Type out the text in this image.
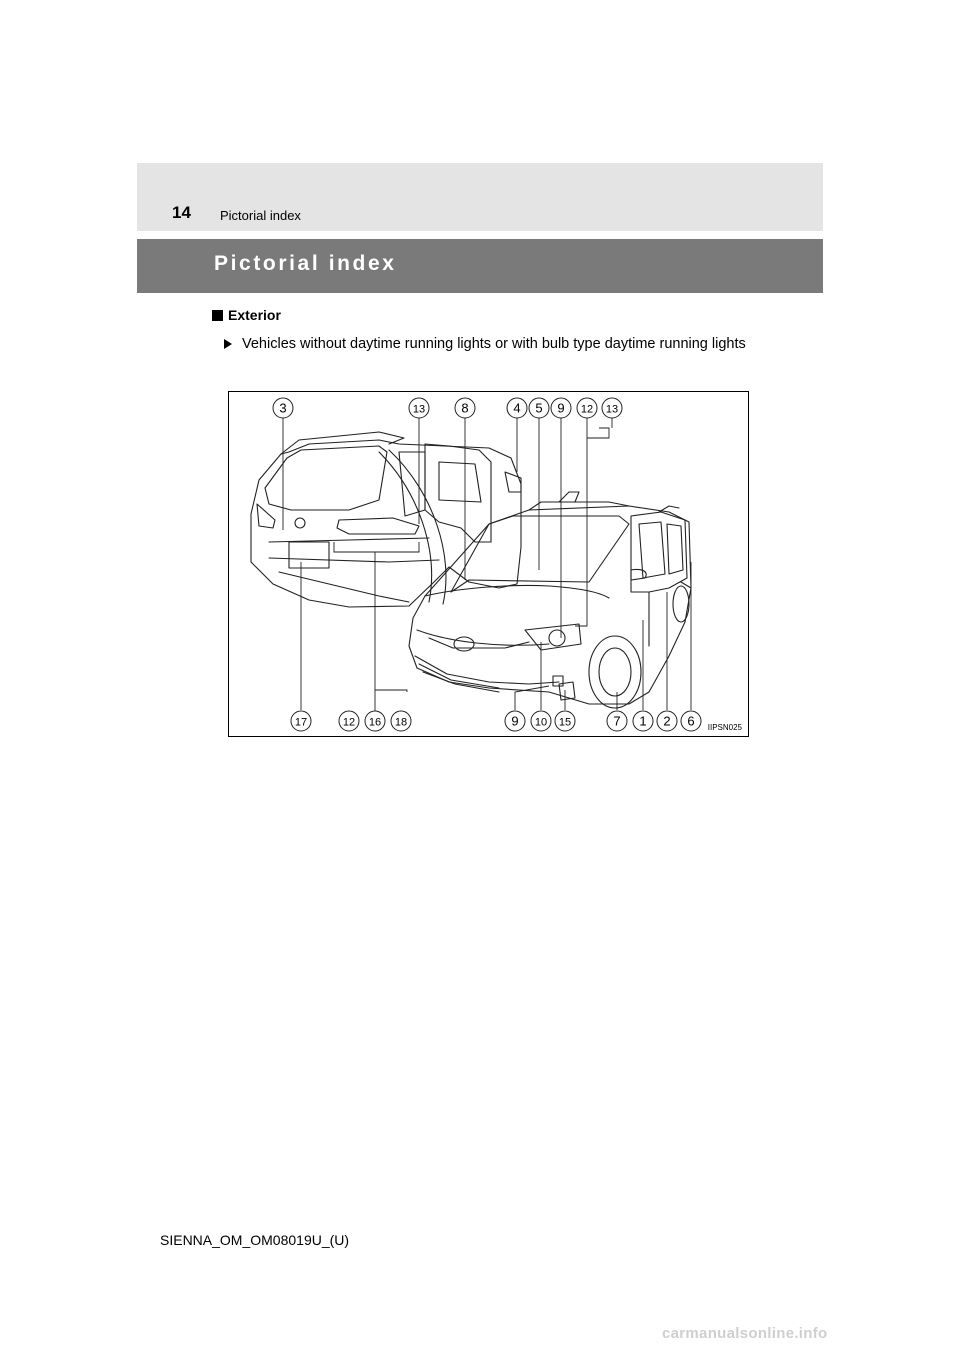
14 Pictorial index
Pictorial index
Exterior
Vehicles without daytime running lights or with bulb type daytime running lights
3	13	8	4 5 9 12 13
17	12 16 18	9 10 15	7 1 2 6 IIPSN025
SIENNA_OM_OM08019U_(U)
carmanualsonline.info
